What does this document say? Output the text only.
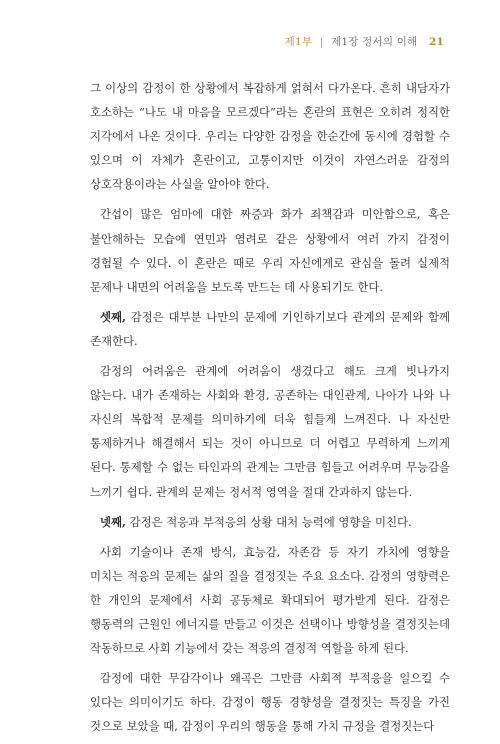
제1부 | 제1장 정서의 이해 21

그 이상의 감정이 한 상황에서 복잡하게 얽혀서 다가온다. 흔히 내담자가 호소하는 “나도 내 마음을 모르겠다”라는 혼란의 표현은 오히려 정직한 지각에서 나온 것이다. 우리는 다양한 감정을 한순간에 동시에 경험할 수 있으며 이 자체가 혼란이고, 고통이지만 이것이 자연스러운 감정의 상호작용이라는 사실을 알아야 한다.

간섭이 많은 엄마에 대한 짜증과 화가 죄책감과 미안함으로, 혹은 불안해하는 모습에 연민과 염려로 같은 상황에서 여러 가지 감정이 경험될 수 있다. 이 혼란은 때로 우리 자신에게로 관심을 돌려 실제적 문제나 내면의 어려움을 보도록 만드는 데 사용되기도 한다.

셋째, 감정은 대부분 나만의 문제에 기인하기보다 관계의 문제와 함께 존재한다.

감정의 어려움은 관계에 어려움이 생겼다고 해도 크게 빗나가지 않는다. 내가 존재하는 사회와 환경, 공존하는 대인관계, 나아가 나와 나 자신의 복합적 문제를 의미하기에 더욱 힘들게 느껴진다. 나 자신만 통제하거나 해결해서 되는 것이 아니므로 더 어렵고 무력하게 느끼게 된다. 통제할 수 없는 타인과의 관계는 그만큼 힘들고 어려우며 무능감을 느끼기 쉽다. 관계의 문제는 정서적 영역을 절대 간과하지 않는다.

넷째, 감정은 적응과 부적응의 상황 대처 능력에 영향을 미친다.

사회 기술이나 존재 방식, 효능감, 자존감 등 자기 가치에 영향을 미치는 적응의 문제는 삶의 질을 결정짓는 주요 요소다. 감정의 영향력은 한 개인의 문제에서 사회 공동체로 확대되어 평가받게 된다. 감정은 행동력의 근원인 에너지를 만들고 이것은 선택이나 방향성을 결정짓는데 작동하므로 사회 기능에서 갖는 적응의 결정적 역할을 하게 된다.

감정에 대한 무감각이나 왜곡은 그만큼 사회적 부적응을 일으킬 수 있다는 의미이기도 하다. 감정이 행동 경향성을 결정짓는 특징을 가진 것으로 보았을 때, 감정이 우리의 행동을 통해 가치 규정을 결정짓는다
